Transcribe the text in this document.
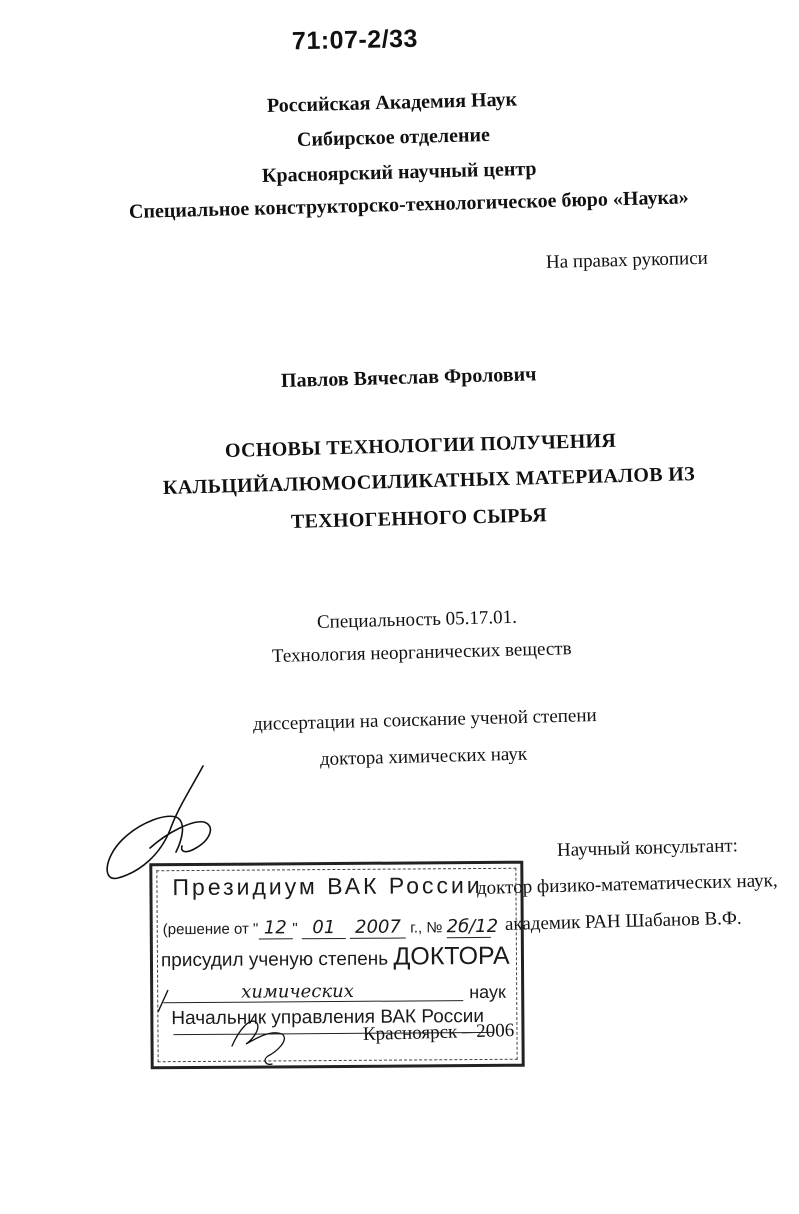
71:07-2/33
Российская Академия Наук
Сибирское отделение
Красноярский научный центр
Специальное конструкторско-технологическое бюро «Наука»
На правах рукописи
Павлов Вячеслав Фролович
ОСНОВЫ ТЕХНОЛОГИИ ПОЛУЧЕНИЯ
КАЛЬЦИЙАЛЮМОСИЛИКАТНЫХ МАТЕРИАЛОВ ИЗ
ТЕХНОГЕННОГО СЫРЬЯ
Специальность 05.17.01.
Технология неорганических веществ
диссертации на соискание ученой степени
доктора химических наук
Научный консультант:
доктор физико-математических наук,
академик РАН Шабанов В.Ф.
Красноярск – 2006
Президиум ВАК России
(решение от " 12 " 01 2007 г., № 2б/12
присудил ученую степень ДОКТОРА
химических	наук
Начальник управления ВАК России
